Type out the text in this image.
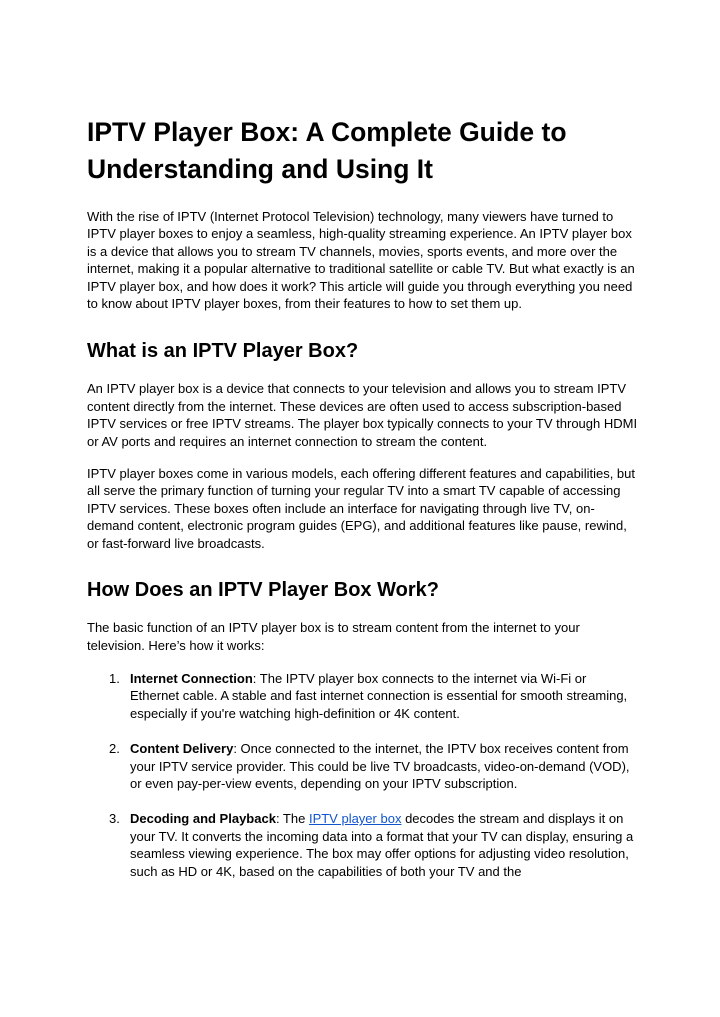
IPTV Player Box: A Complete Guide to Understanding and Using It

With the rise of IPTV (Internet Protocol Television) technology, many viewers have turned to IPTV player boxes to enjoy a seamless, high-quality streaming experience. An IPTV player box is a device that allows you to stream TV channels, movies, sports events, and more over the internet, making it a popular alternative to traditional satellite or cable TV. But what exactly is an IPTV player box, and how does it work? This article will guide you through everything you need to know about IPTV player boxes, from their features to how to set them up.

What is an IPTV Player Box?

An IPTV player box is a device that connects to your television and allows you to stream IPTV content directly from the internet. These devices are often used to access subscription-based IPTV services or free IPTV streams. The player box typically connects to your TV through HDMI or AV ports and requires an internet connection to stream the content.

IPTV player boxes come in various models, each offering different features and capabilities, but all serve the primary function of turning your regular TV into a smart TV capable of accessing IPTV services. These boxes often include an interface for navigating through live TV, on-demand content, electronic program guides (EPG), and additional features like pause, rewind, or fast-forward live broadcasts.

How Does an IPTV Player Box Work?

The basic function of an IPTV player box is to stream content from the internet to your television. Here’s how it works:

1. Internet Connection: The IPTV player box connects to the internet via Wi-Fi or Ethernet cable. A stable and fast internet connection is essential for smooth streaming, especially if you're watching high-definition or 4K content.
2. Content Delivery: Once connected to the internet, the IPTV box receives content from your IPTV service provider. This could be live TV broadcasts, video-on-demand (VOD), or even pay-per-view events, depending on your IPTV subscription.
3. Decoding and Playback: The IPTV player box decodes the stream and displays it on your TV. It converts the incoming data into a format that your TV can display, ensuring a seamless viewing experience. The box may offer options for adjusting video resolution, such as HD or 4K, based on the capabilities of both your TV and the
